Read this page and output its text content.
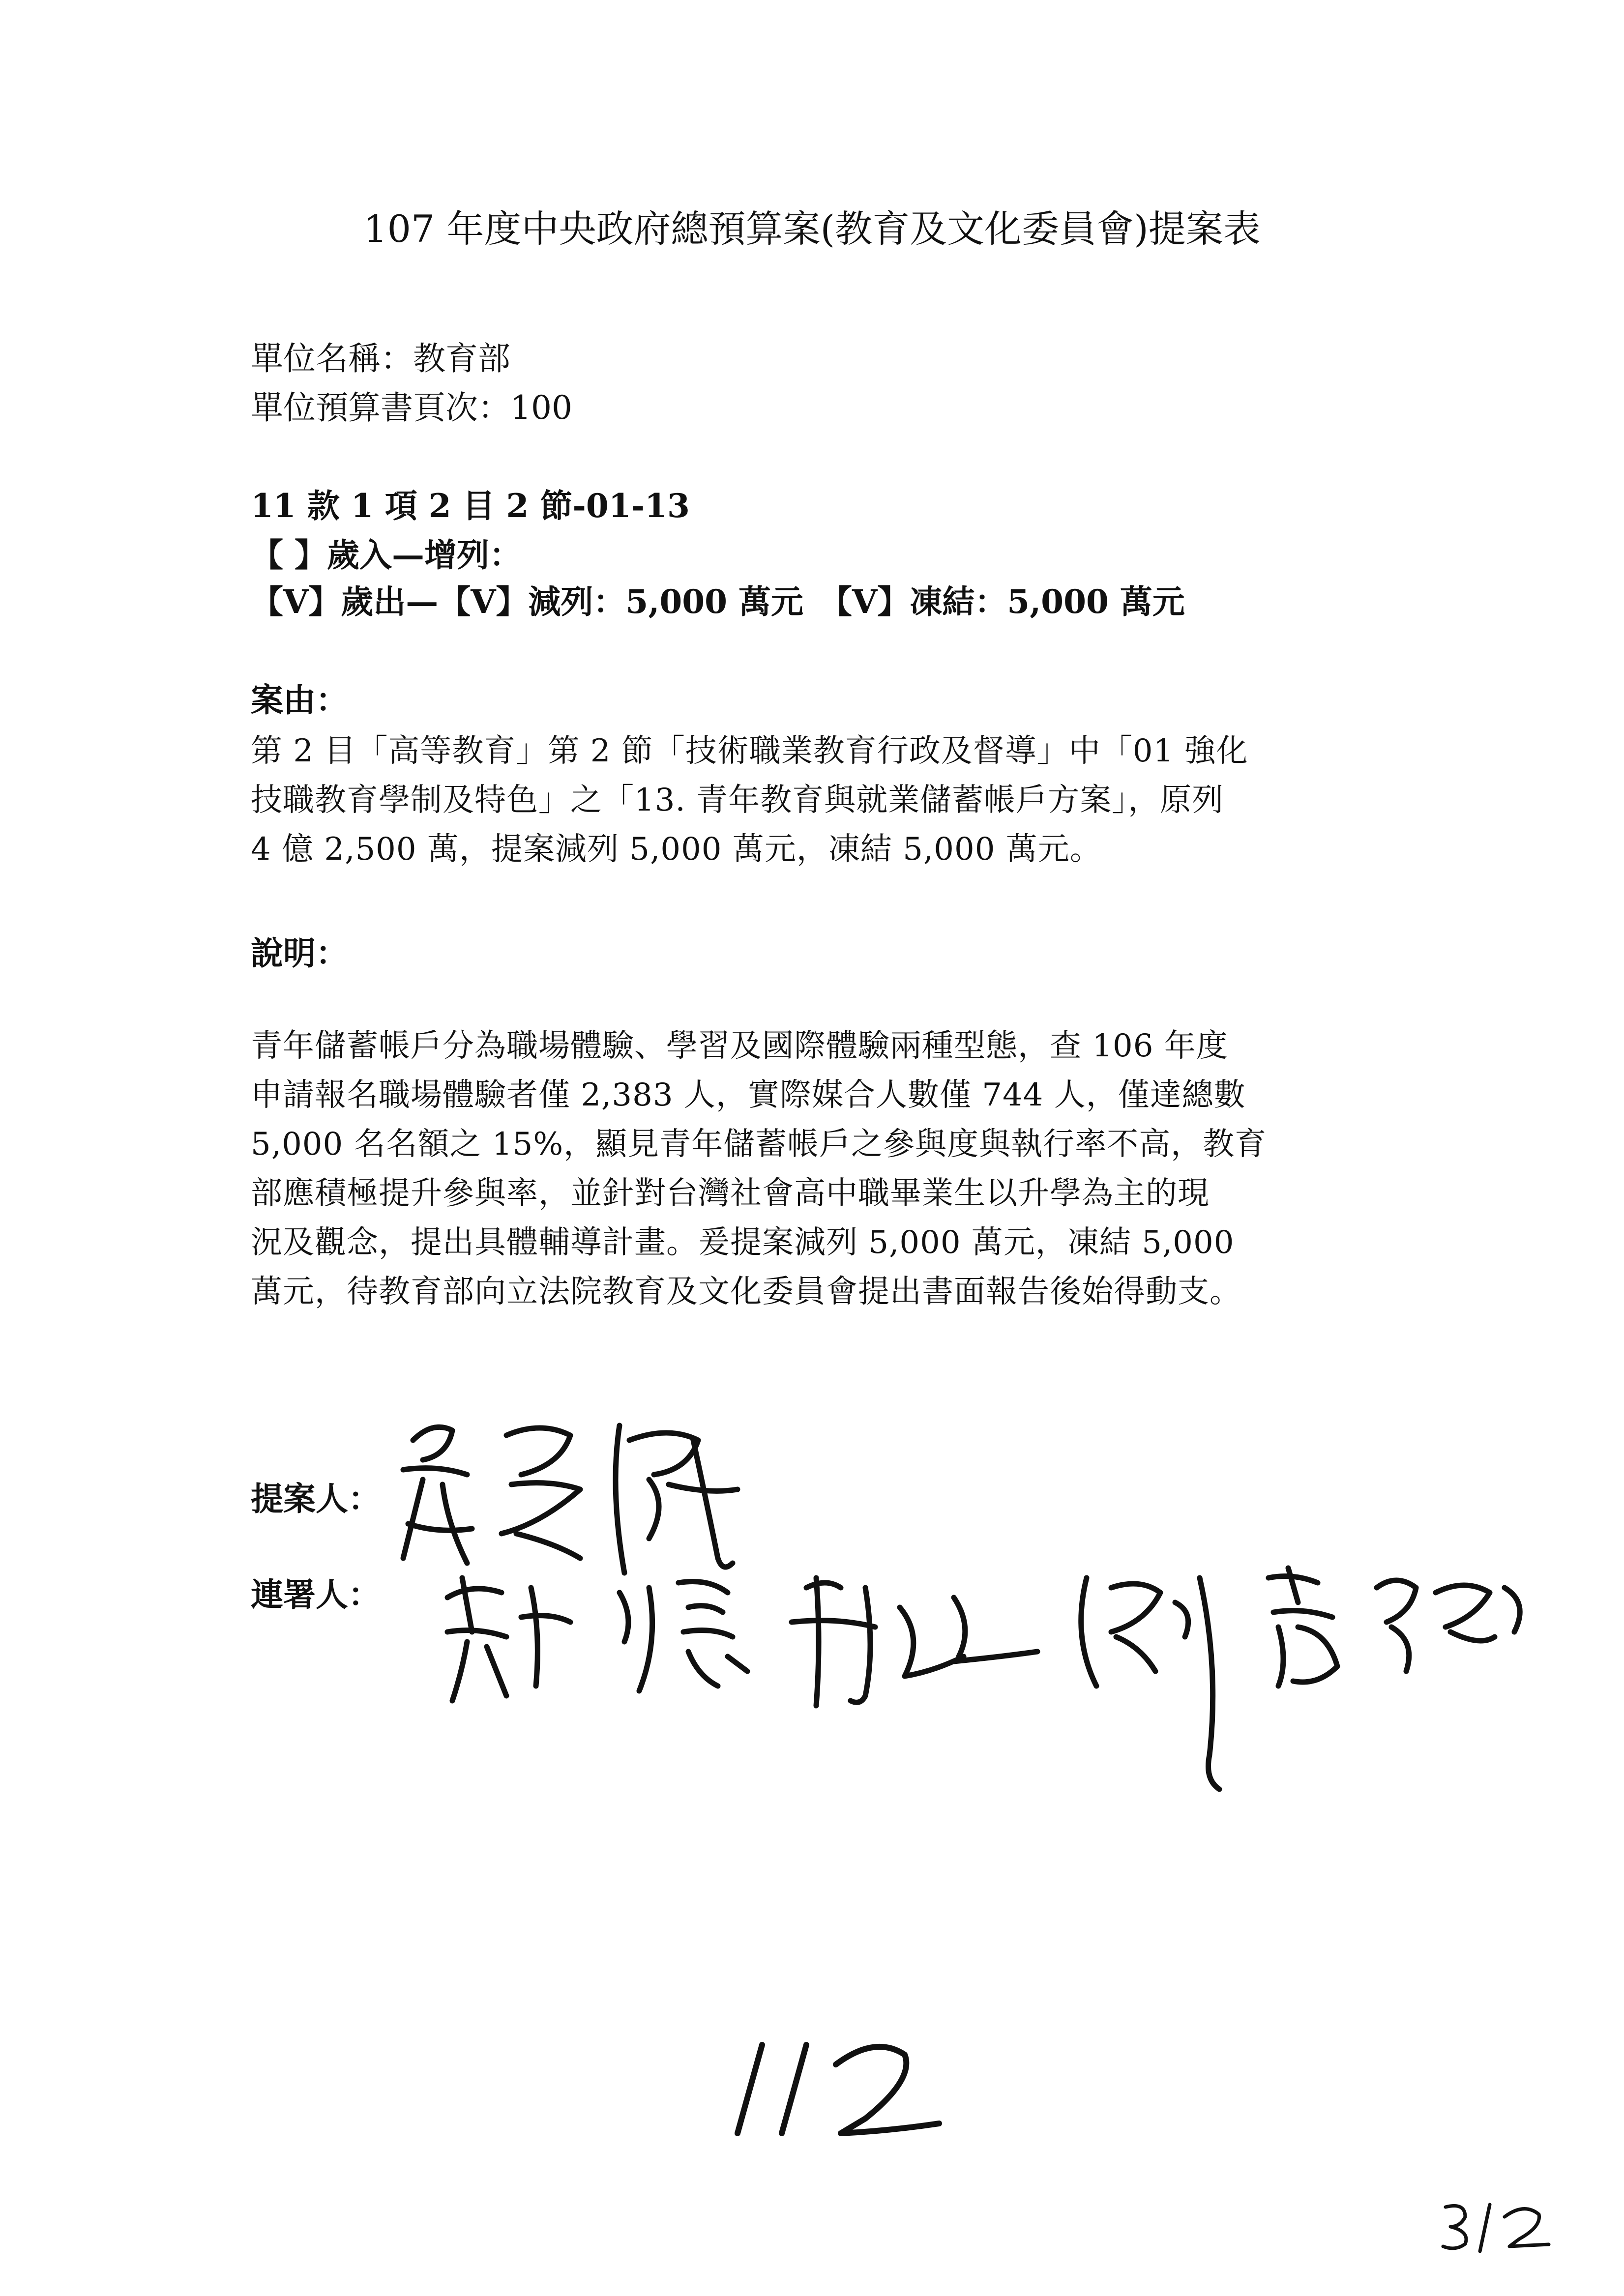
107 年度中央政府總預算案(教育及文化委員會)提案表
單位名稱：教育部
單位預算書頁次：100
11 款 1 項 2 目 2 節-01-13
【 】歲入—增列：
【V】歲出—【V】減列：5,000 萬元　【V】凍結：5,000 萬元
案由：
第 2 目「高等教育」第 2 節「技術職業教育行政及督導」中「01 強化
技職教育學制及特色」之「13. 青年教育與就業儲蓄帳戶方案」，原列
4 億 2,500 萬，提案減列 5,000 萬元，凍結 5,000 萬元。
說明：
青年儲蓄帳戶分為職場體驗、學習及國際體驗兩種型態，查 106 年度
申請報名職場體驗者僅 2,383 人，實際媒合人數僅 744 人，僅達總數
5,000 名名額之 15%，顯見青年儲蓄帳戶之參與度與執行率不高，教育
部應積極提升參與率，並針對台灣社會高中職畢業生以升學為主的現
況及觀念，提出具體輔導計畫。爰提案減列 5,000 萬元，凍結 5,000
萬元，待教育部向立法院教育及文化委員會提出書面報告後始得動支。
提案人：
連署人：
